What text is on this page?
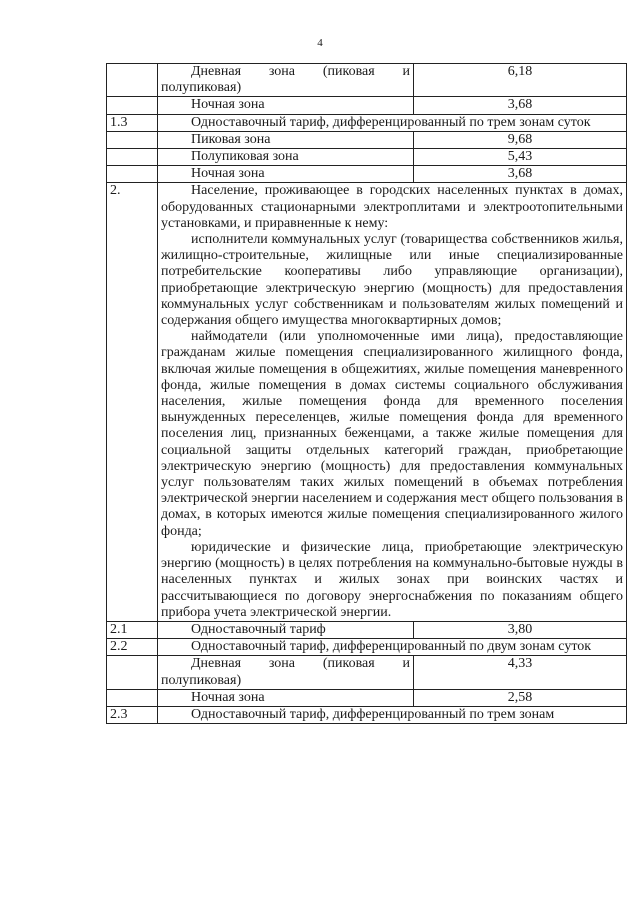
4
	Дневная зона (пиковая и полупиковая)	6,18
	Ночная зона	3,68
1.3	Одноставочный тариф, дифференцированный по трем зонам суток	
	Пиковая зона	9,68
	Полупиковая зона	5,43
	Ночная зона	3,68
2.	Население, проживающее в городских населенных пунктах в домах, оборудованных стационарными электроплитами и электроотопительными установками, и приравненные к нему:
исполнители коммунальных услуг (товарищества собственников жилья, жилищно-строительные, жилищные или иные специализированные потребительские кооперативы либо управляющие организации), приобретающие электрическую энергию (мощность) для предоставления коммунальных услуг собственникам и пользователям жилых помещений и содержания общего имущества многоквартирных домов;
наймодатели (или уполномоченные ими лица), предоставляющие гражданам жилые помещения специализированного жилищного фонда, включая жилые помещения в общежитиях, жилые помещения маневренного фонда, жилые помещения в домах системы социального обслуживания населения, жилые помещения фонда для временного поселения вынужденных переселенцев, жилые помещения фонда для временного поселения лиц, признанных беженцами, а также жилые помещения для социальной защиты отдельных категорий граждан, приобретающие электрическую энергию (мощность) для предоставления коммунальных услуг пользователям таких жилых помещений в объемах потребления электрической энергии населением и содержания мест общего пользования в домах, в которых имеются жилые помещения специализированного жилого фонда;
юридические и физические лица, приобретающие электрическую энергию (мощность) в целях потребления на коммунально-бытовые нужды в населенных пунктах и жилых зонах при воинских частях и рассчитывающиеся по договору энергоснабжения по показаниям общего прибора учета электрической энергии.	

2.1	Одноставочный тариф	3,80
2.2	Одноставочный тариф, дифференцированный по двум зонам суток	
	Дневная зона (пиковая и полупиковая)	4,33
	Ночная зона	2,58
2.3	Одноставочный тариф, дифференцированный по трем зонам	
